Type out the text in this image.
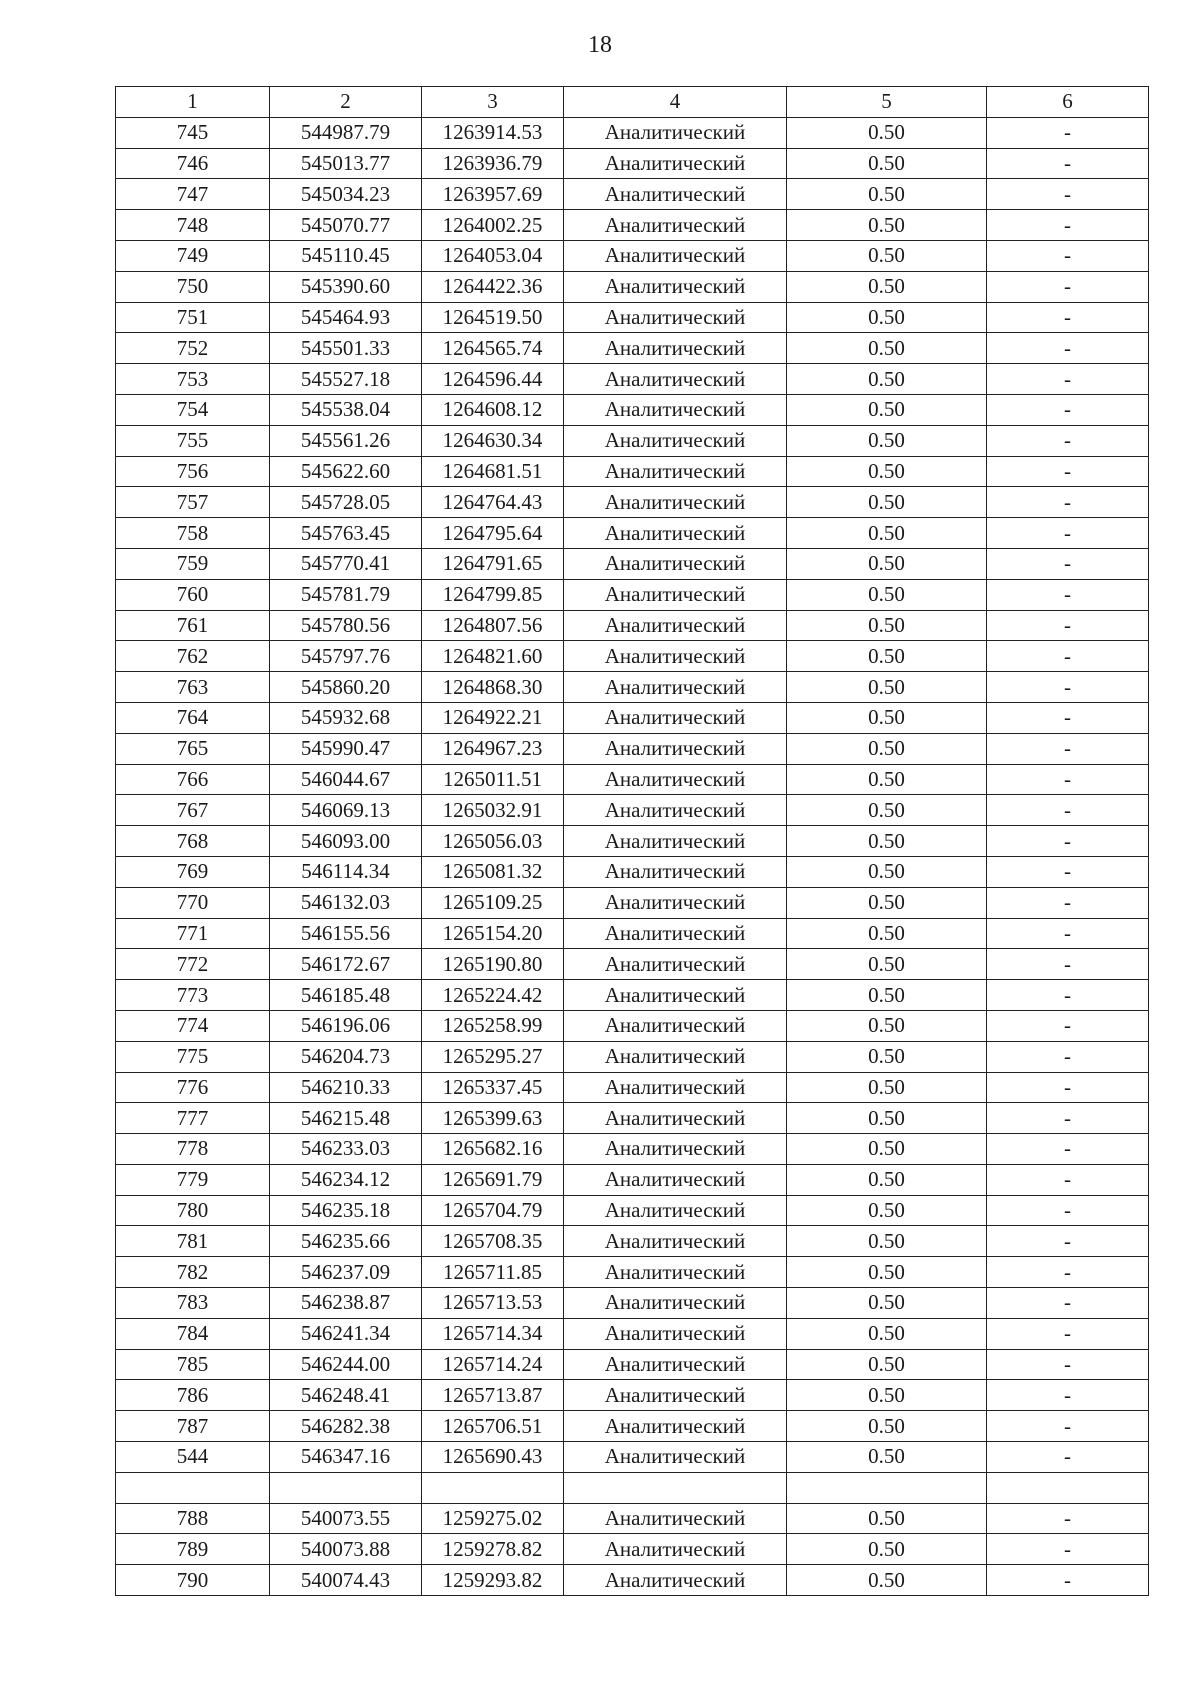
18
1	2	3	4	5	6
745	544987.79	1263914.53	Аналитический	0.50	-
746	545013.77	1263936.79	Аналитический	0.50	-
747	545034.23	1263957.69	Аналитический	0.50	-
748	545070.77	1264002.25	Аналитический	0.50	-
749	545110.45	1264053.04	Аналитический	0.50	-
750	545390.60	1264422.36	Аналитический	0.50	-
751	545464.93	1264519.50	Аналитический	0.50	-
752	545501.33	1264565.74	Аналитический	0.50	-
753	545527.18	1264596.44	Аналитический	0.50	-
754	545538.04	1264608.12	Аналитический	0.50	-
755	545561.26	1264630.34	Аналитический	0.50	-
756	545622.60	1264681.51	Аналитический	0.50	-
757	545728.05	1264764.43	Аналитический	0.50	-
758	545763.45	1264795.64	Аналитический	0.50	-
759	545770.41	1264791.65	Аналитический	0.50	-
760	545781.79	1264799.85	Аналитический	0.50	-
761	545780.56	1264807.56	Аналитический	0.50	-
762	545797.76	1264821.60	Аналитический	0.50	-
763	545860.20	1264868.30	Аналитический	0.50	-
764	545932.68	1264922.21	Аналитический	0.50	-
765	545990.47	1264967.23	Аналитический	0.50	-
766	546044.67	1265011.51	Аналитический	0.50	-
767	546069.13	1265032.91	Аналитический	0.50	-
768	546093.00	1265056.03	Аналитический	0.50	-
769	546114.34	1265081.32	Аналитический	0.50	-
770	546132.03	1265109.25	Аналитический	0.50	-
771	546155.56	1265154.20	Аналитический	0.50	-
772	546172.67	1265190.80	Аналитический	0.50	-
773	546185.48	1265224.42	Аналитический	0.50	-
774	546196.06	1265258.99	Аналитический	0.50	-
775	546204.73	1265295.27	Аналитический	0.50	-
776	546210.33	1265337.45	Аналитический	0.50	-
777	546215.48	1265399.63	Аналитический	0.50	-
778	546233.03	1265682.16	Аналитический	0.50	-
779	546234.12	1265691.79	Аналитический	0.50	-
780	546235.18	1265704.79	Аналитический	0.50	-
781	546235.66	1265708.35	Аналитический	0.50	-
782	546237.09	1265711.85	Аналитический	0.50	-
783	546238.87	1265713.53	Аналитический	0.50	-
784	546241.34	1265714.34	Аналитический	0.50	-
785	546244.00	1265714.24	Аналитический	0.50	-
786	546248.41	1265713.87	Аналитический	0.50	-
787	546282.38	1265706.51	Аналитический	0.50	-
544	546347.16	1265690.43	Аналитический	0.50	-

788	540073.55	1259275.02	Аналитический	0.50	-
789	540073.88	1259278.82	Аналитический	0.50	-
790	540074.43	1259293.82	Аналитический	0.50	-
